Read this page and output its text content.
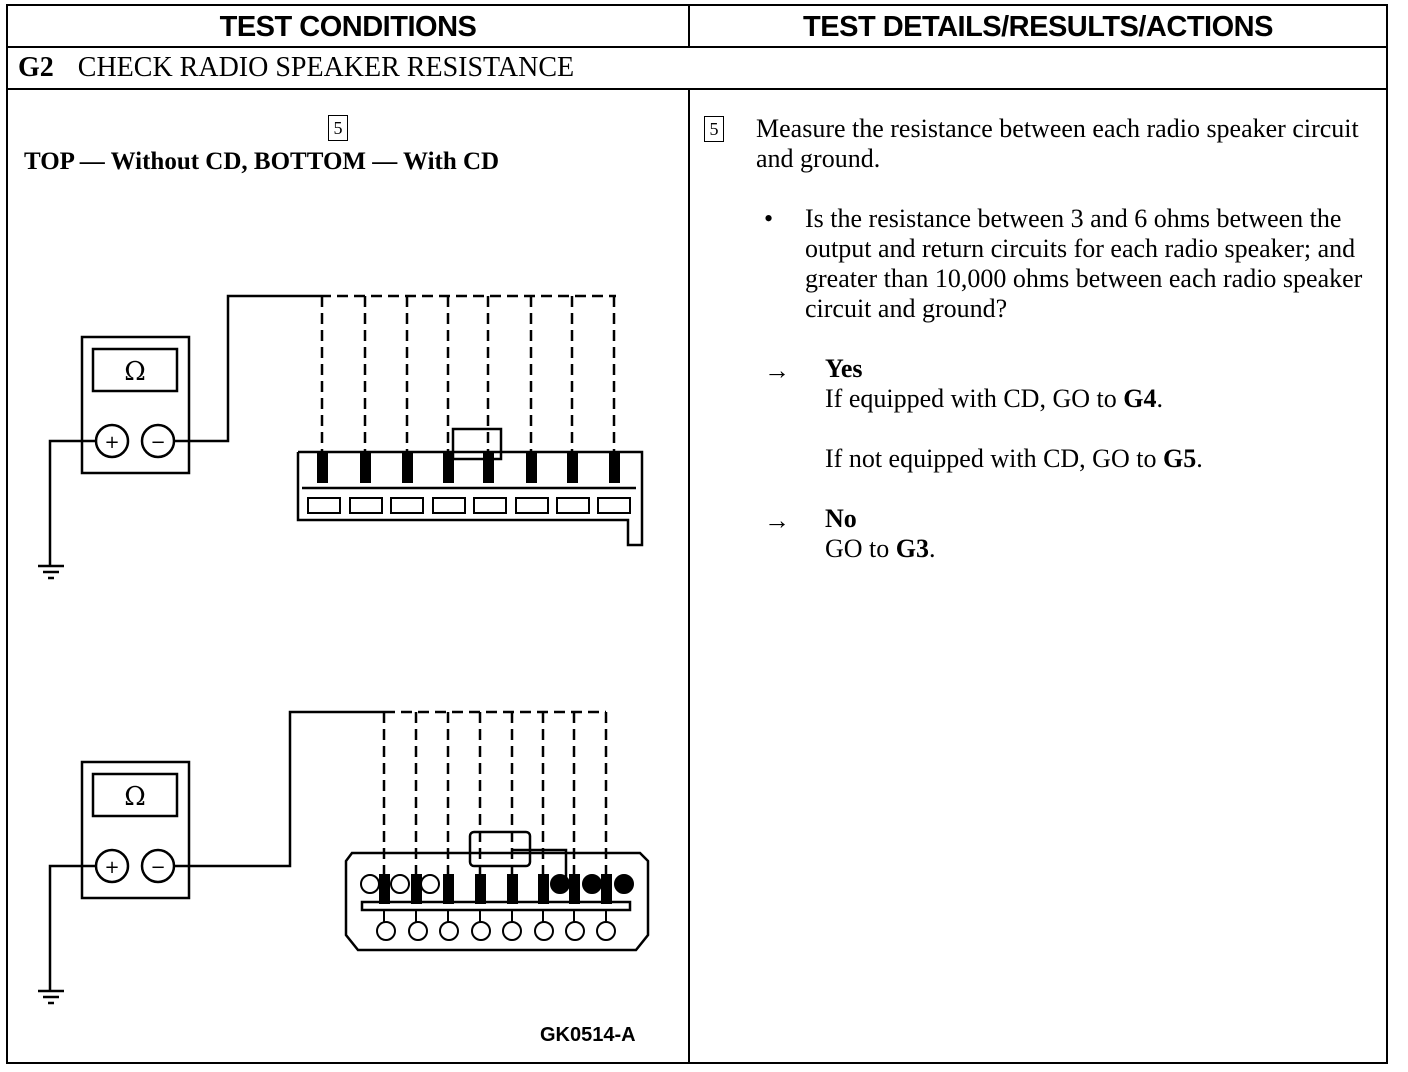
TEST CONDITIONS	TEST DETAILS/RESULTS/ACTIONS
G2 CHECK RADIO SPEAKER RESISTANCE
5
TOP — Without CD, BOTTOM — With CD
Ω
Ω
+ −
+ −
GK0514-A
5 Measure the resistance between each radio speaker circuit and ground.
• Is the resistance between 3 and 6 ohms between the output and return circuits for each radio speaker; and greater than 10,000 ohms between each radio speaker circuit and ground?
→ Yes
If equipped with CD, GO to G4.
If not equipped with CD, GO to G5.
→ No
GO to G3.
